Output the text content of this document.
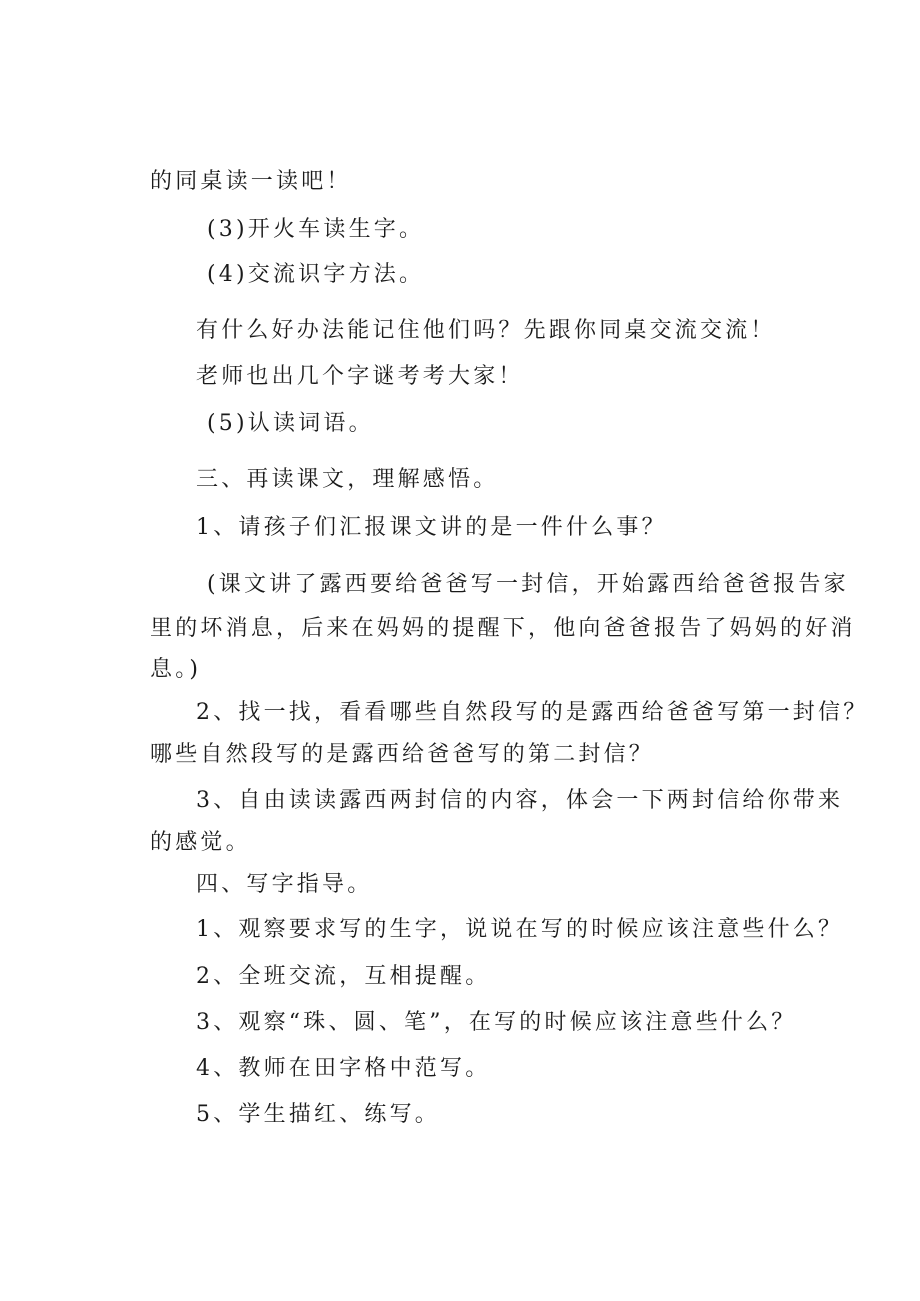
的同桌读一读吧！
(3)开火车读生字。
(4)交流识字方法。
有什么好办法能记住他们吗？先跟你同桌交流交流！
老师也出几个字谜考考大家！
(5)认读词语。
三、再读课文，理解感悟。
1、请孩子们汇报课文讲的是一件什么事？
(课文讲了露西要给爸爸写一封信，开始露西给爸爸报告家
里的坏消息，后来在妈妈的提醒下，他向爸爸报告了妈妈的好消
息。)
2、找一找，看看哪些自然段写的是露西给爸爸写第一封信？
哪些自然段写的是露西给爸爸写的第二封信？
3、自由读读露西两封信的内容，体会一下两封信给你带来
的感觉。
四、写字指导。
1、观察要求写的生字，说说在写的时候应该注意些什么？
2、全班交流，互相提醒。
3、观察“珠、圆、笔”，在写的时候应该注意些什么？
4、教师在田字格中范写。
5、学生描红、练写。
